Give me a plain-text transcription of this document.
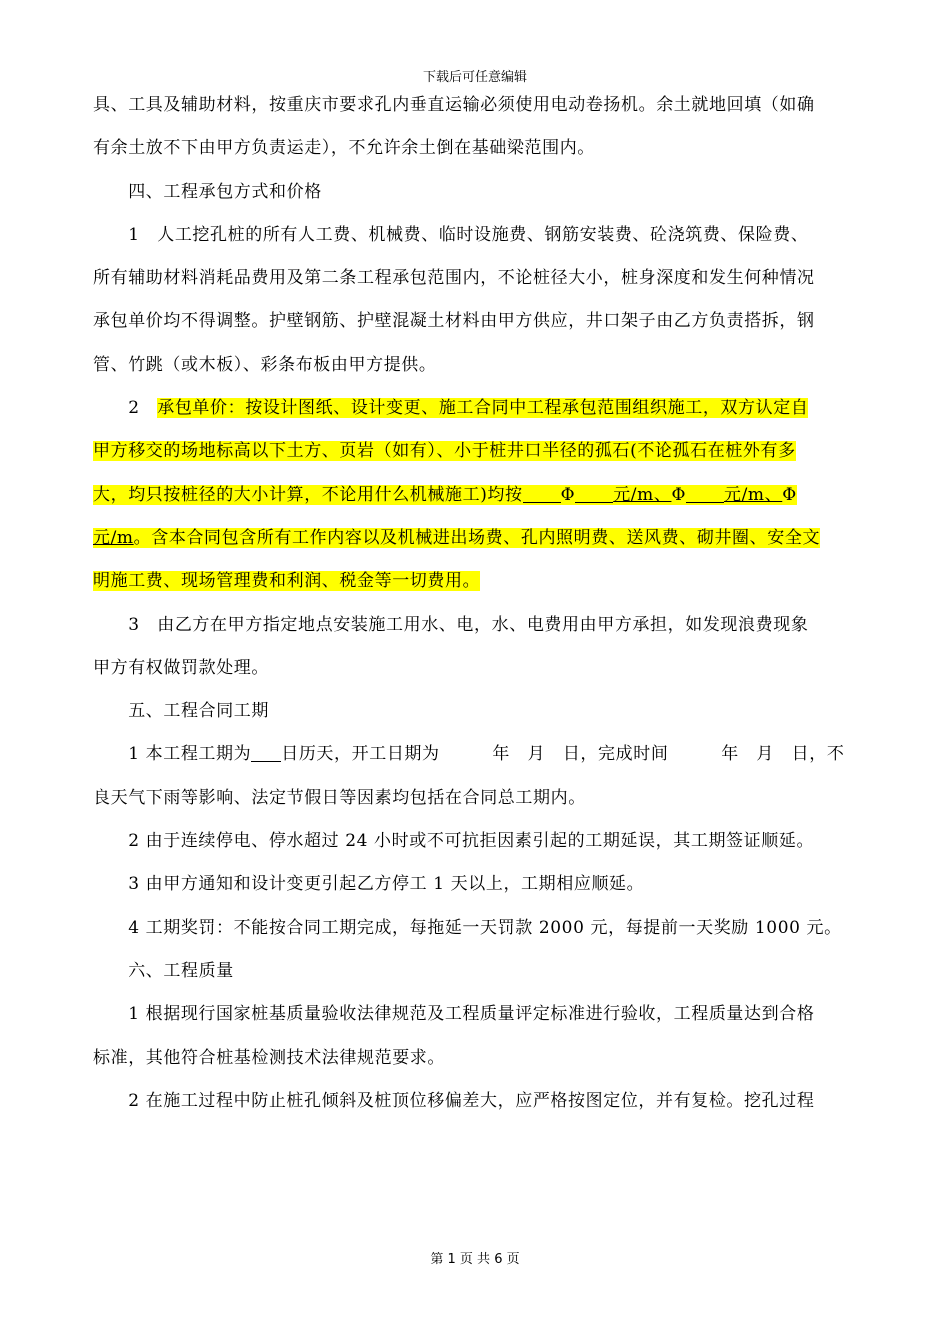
下载后可任意编辑
具、工具及辅助材料，按重庆市要求孔内垂直运输必须使用电动卷扬机。余土就地回填（如确
有余土放不下由甲方负责运走），不允许余土倒在基础梁范围内。
　　四、工程承包方式和价格
　　1　人工挖孔桩的所有人工费、机械费、临时设施费、钢筋安装费、砼浇筑费、保险费、
所有辅助材料消耗品费用及第二条工程承包范围内，不论桩径大小，桩身深度和发生何种情况
承包单价均不得调整。护壁钢筋、护壁混凝土材料由甲方供应，井口架子由乙方负责搭拆，钢
管、竹跳（或木板）、彩条布板由甲方提供。
　　2　承包单价：按设计图纸、设计变更、施工合同中工程承包范围组织施工，双方认定自
甲方移交的场地标高以下土方、页岩（如有）、小于桩井口半径的孤石(不论孤石在桩外有多
大，均只按桩径的大小计算，不论用什么机械施工)均按 Φ 元/m、Φ 元/m、Φ
元/m。含本合同包含所有工作内容以及机械进出场费、孔内照明费、送风费、砌井圈、安全文
明施工费、现场管理费和利润、税金等一切费用。
　　3　由乙方在甲方指定地点安装施工用水、电，水、电费用由甲方承担，如发现浪费现象
甲方有权做罚款处理。
　　五、工程合同工期
　　1 本工程工期为 日历天，开工日期为　　　年　月　日，完成时间　　　年　月　日，不
良天气下雨等影响、法定节假日等因素均包括在合同总工期内。
　　2 由于连续停电、停水超过 24 小时或不可抗拒因素引起的工期延误，其工期签证顺延。
　　3 由甲方通知和设计变更引起乙方停工 1 天以上，工期相应顺延。
　　4 工期奖罚：不能按合同工期完成，每拖延一天罚款 2000 元，每提前一天奖励 1000 元。
　　六、工程质量
　　1 根据现行国家桩基质量验收法律规范及工程质量评定标准进行验收，工程质量达到合格
标准，其他符合桩基检测技术法律规范要求。
　　2 在施工过程中防止桩孔倾斜及桩顶位移偏差大，应严格按图定位，并有复检。挖孔过程
第 1 页 共 6 页
